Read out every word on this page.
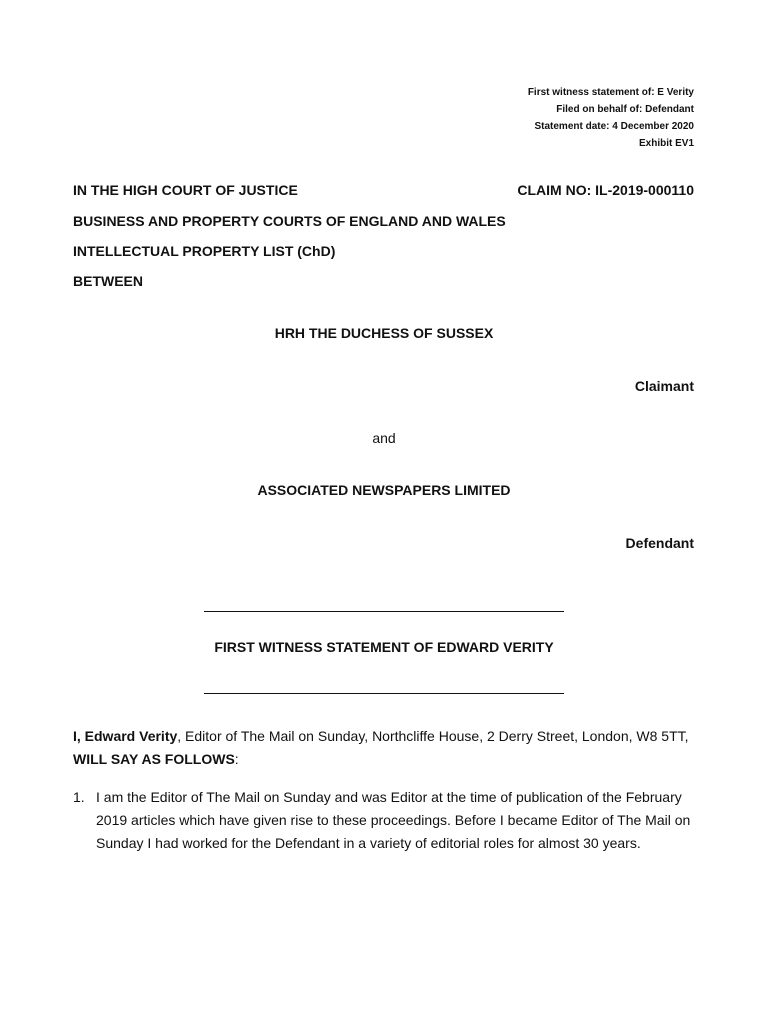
First witness statement of: E Verity
Filed on behalf of: Defendant
Statement date: 4 December 2020
Exhibit EV1
IN THE HIGH COURT OF JUSTICE	CLAIM NO: IL-2019-000110
BUSINESS AND PROPERTY COURTS OF ENGLAND AND WALES
INTELLECTUAL PROPERTY LIST (ChD)
BETWEEN
HRH THE DUCHESS OF SUSSEX
Claimant
and
ASSOCIATED NEWSPAPERS LIMITED
Defendant
FIRST WITNESS STATEMENT OF EDWARD VERITY
I, Edward Verity, Editor of The Mail on Sunday, Northcliffe House, 2 Derry Street, London, W8 5TT, WILL SAY AS FOLLOWS:
1. I am the Editor of The Mail on Sunday and was Editor at the time of publication of the February 2019 articles which have given rise to these proceedings. Before I became Editor of The Mail on Sunday I had worked for the Defendant in a variety of editorial roles for almost 30 years.
